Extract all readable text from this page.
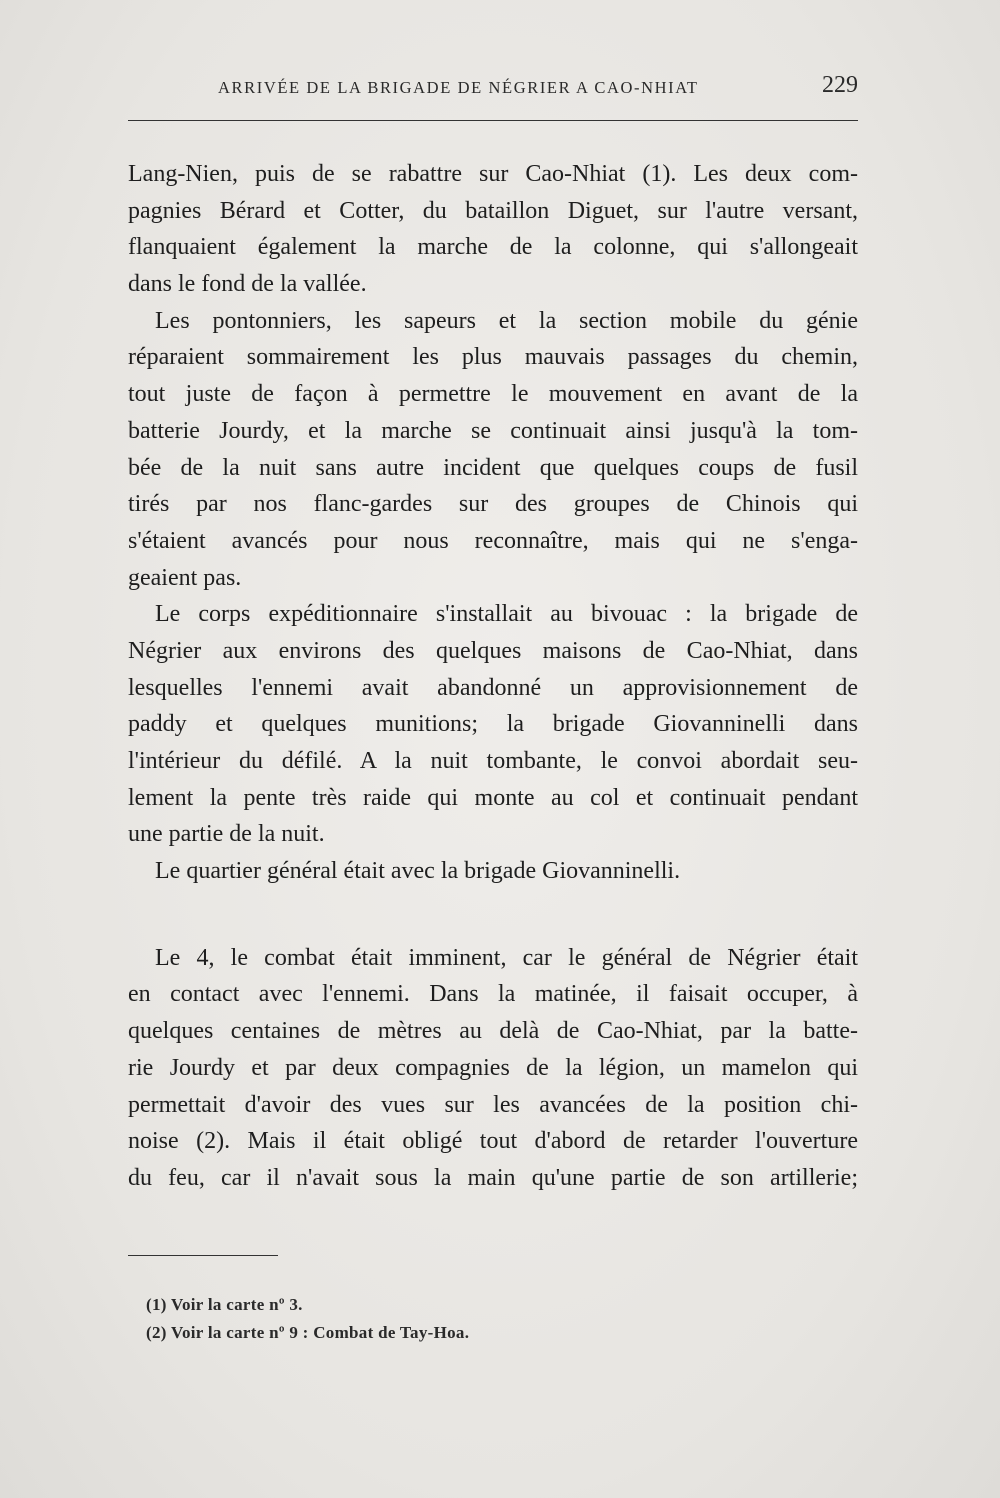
ARRIVÉE DE LA BRIGADE DE NÉGRIER A CAO-NHIAT	229
Lang-Nien, puis de se rabattre sur Cao-Nhiat (1). Les deux com-
pagnies Bérard et Cotter, du bataillon Diguet, sur l'autre versant,
flanquaient également la marche de la colonne, qui s'allongeait
dans le fond de la vallée.
Les pontonniers, les sapeurs et la section mobile du génie
réparaient sommairement les plus mauvais passages du chemin,
tout juste de façon à permettre le mouvement en avant de la
batterie Jourdy, et la marche se continuait ainsi jusqu'à la tom-
bée de la nuit sans autre incident que quelques coups de fusil
tirés par nos flanc-gardes sur des groupes de Chinois qui
s'étaient avancés pour nous reconnaître, mais qui ne s'enga-
geaient pas.
Le corps expéditionnaire s'installait au bivouac : la brigade de
Négrier aux environs des quelques maisons de Cao-Nhiat, dans
lesquelles l'ennemi avait abandonné un approvisionnement de
paddy et quelques munitions; la brigade Giovanninelli dans
l'intérieur du défilé. A la nuit tombante, le convoi abordait seu-
lement la pente très raide qui monte au col et continuait pendant
une partie de la nuit.
Le quartier général était avec la brigade Giovanninelli.
Le 4, le combat était imminent, car le général de Négrier était
en contact avec l'ennemi. Dans la matinée, il faisait occuper, à
quelques centaines de mètres au delà de Cao-Nhiat, par la batte-
rie Jourdy et par deux compagnies de la légion, un mamelon qui
permettait d'avoir des vues sur les avancées de la position chi-
noise (2). Mais il était obligé tout d'abord de retarder l'ouverture
du feu, car il n'avait sous la main qu'une partie de son artillerie;
(1) Voir la carte nº 3.
(2) Voir la carte nº 9 : Combat de Tay-Hoa.
